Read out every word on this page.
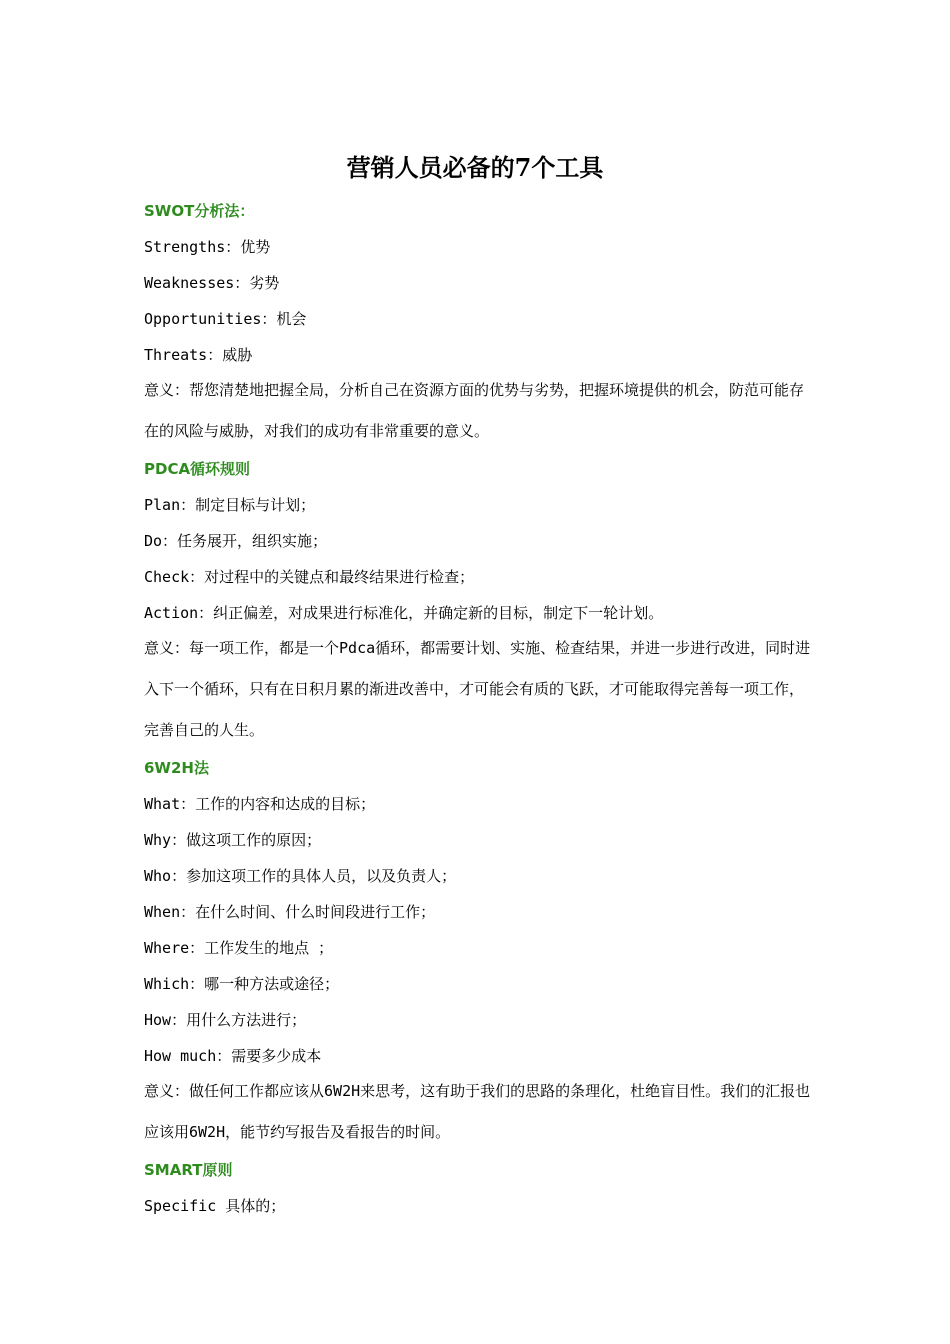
营销人员必备的7个工具

SWOT分析法：

Strengths：优势

Weaknesses：劣势

Opportunities：机会

Threats：威胁

意义：帮您清楚地把握全局，分析自己在资源方面的优势与劣势，把握环境提供的机会，防范可能存在的风险与威胁，对我们的成功有非常重要的意义。

PDCA循环规则

Plan：制定目标与计划；

Do：任务展开，组织实施；

Check：对过程中的关键点和最终结果进行检查；

Action：纠正偏差，对成果进行标准化，并确定新的目标，制定下一轮计划。

意义：每一项工作，都是一个Pdca循环，都需要计划、实施、检查结果，并进一步进行改进，同时进入下一个循环，只有在日积月累的渐进改善中，才可能会有质的飞跃，才可能取得完善每一项工作，完善自己的人生。

6W2H法

What：工作的内容和达成的目标；

Why：做这项工作的原因；

Who：参加这项工作的具体人员，以及负责人；

When：在什么时间、什么时间段进行工作；

Where：工作发生的地点 ；

Which：哪一种方法或途径；

How：用什么方法进行；

How much：需要多少成本

意义：做任何工作都应该从6W2H来思考，这有助于我们的思路的条理化，杜绝盲目性。我们的汇报也应该用6W2H，能节约写报告及看报告的时间。

SMART原则

Specific 具体的；
